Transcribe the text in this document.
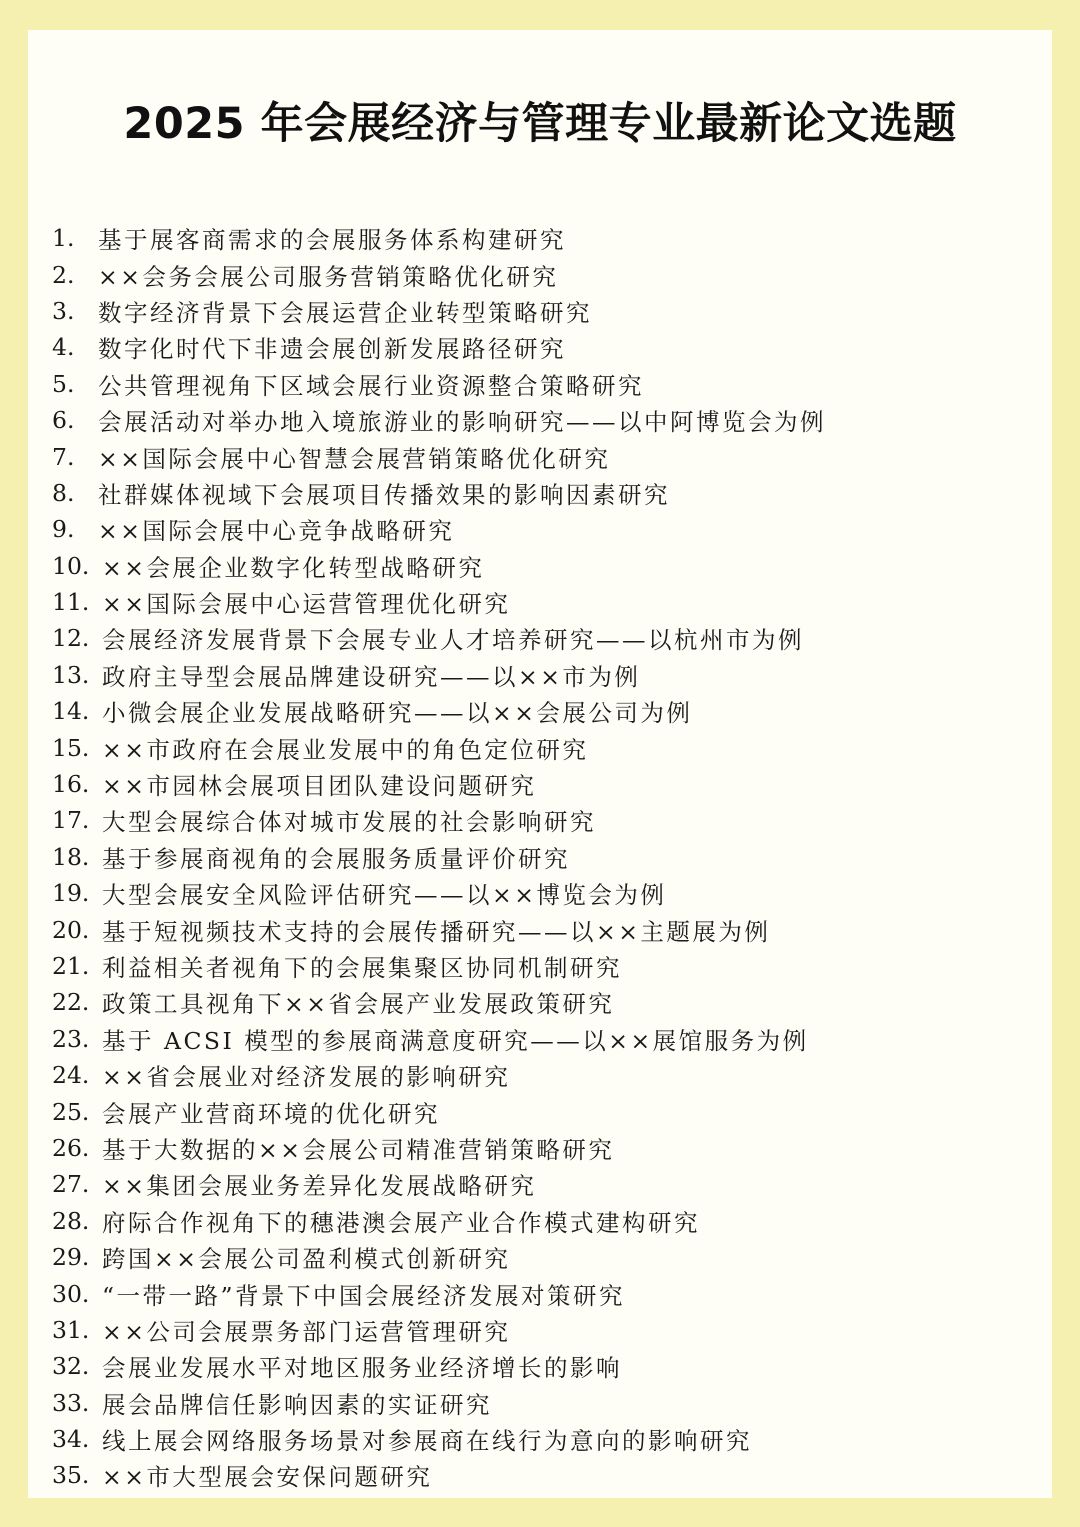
2025 年会展经济与管理专业最新论文选题
1.	基于展客商需求的会展服务体系构建研究
2.	××会务会展公司服务营销策略优化研究
3.	数字经济背景下会展运营企业转型策略研究
4.	数字化时代下非遗会展创新发展路径研究
5.	公共管理视角下区域会展行业资源整合策略研究
6.	会展活动对举办地入境旅游业的影响研究——以中阿博览会为例
7.	××国际会展中心智慧会展营销策略优化研究
8.	社群媒体视域下会展项目传播效果的影响因素研究
9.	××国际会展中心竞争战略研究
10. ××会展企业数字化转型战略研究
11. ××国际会展中心运营管理优化研究
12. 会展经济发展背景下会展专业人才培养研究——以杭州市为例
13. 政府主导型会展品牌建设研究——以××市为例
14. 小微会展企业发展战略研究——以××会展公司为例
15. ××市政府在会展业发展中的角色定位研究
16. ××市园林会展项目团队建设问题研究
17. 大型会展综合体对城市发展的社会影响研究
18. 基于参展商视角的会展服务质量评价研究
19. 大型会展安全风险评估研究——以××博览会为例
20. 基于短视频技术支持的会展传播研究——以××主题展为例
21. 利益相关者视角下的会展集聚区协同机制研究
22. 政策工具视角下××省会展产业发展政策研究
23. 基于 ACSI 模型的参展商满意度研究——以××展馆服务为例
24. ××省会展业对经济发展的影响研究
25. 会展产业营商环境的优化研究
26. 基于大数据的××会展公司精准营销策略研究
27. ××集团会展业务差异化发展战略研究
28. 府际合作视角下的穗港澳会展产业合作模式建构研究
29. 跨国××会展公司盈利模式创新研究
30. “一带一路”背景下中国会展经济发展对策研究
31. ××公司会展票务部门运营管理研究
32. 会展业发展水平对地区服务业经济增长的影响
33. 展会品牌信任影响因素的实证研究
34. 线上展会网络服务场景对参展商在线行为意向的影响研究
35. ××市大型展会安保问题研究
